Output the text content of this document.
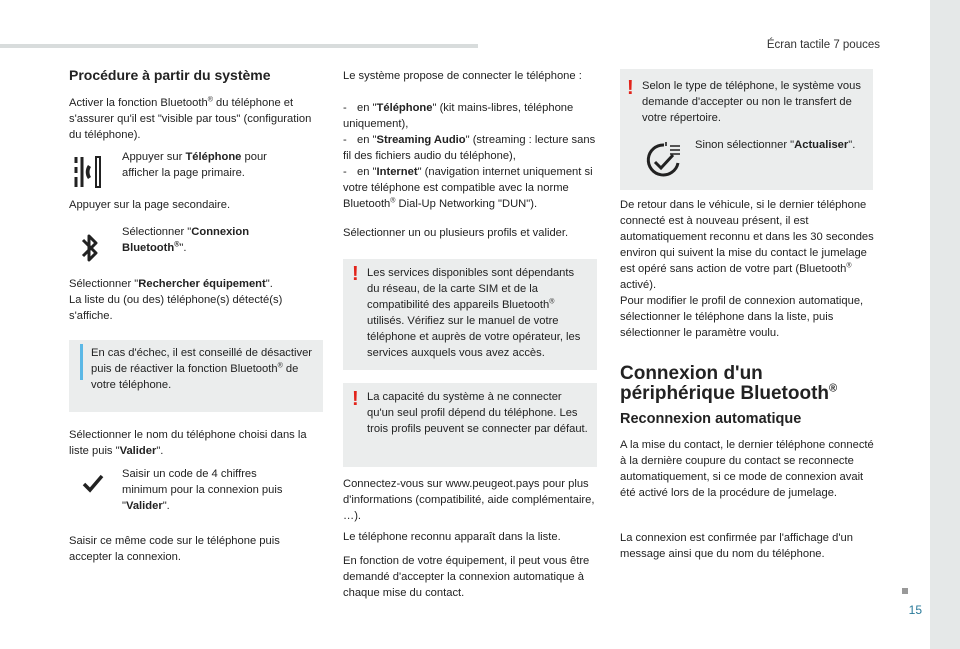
Écran tactile 7 pouces
15
Procédure à partir du système

Activer la fonction Bluetooth® du téléphone et s'assurer qu'il est "visible par tous" (configuration du téléphone).

Appuyer sur Téléphone pour afficher la page primaire.

Appuyer sur la page secondaire.

Sélectionner "Connexion Bluetooth®".

Sélectionner "Rechercher équipement".
La liste du (ou des) téléphone(s) détecté(s) s'affiche.

En cas d'échec, il est conseillé de désactiver puis de réactiver la fonction Bluetooth® de votre téléphone.

Sélectionner le nom du téléphone choisi dans la liste puis "Valider".

Saisir un code de 4 chiffres minimum pour la connexion puis "Valider".

Saisir ce même code sur le téléphone puis accepter la connexion.

Le système propose de connecter le téléphone :

- en "Téléphone" (kit mains-libres, téléphone uniquement),

- en "Streaming Audio" (streaming : lecture sans fil des fichiers audio du téléphone),

- en "Internet" (navigation internet uniquement si votre téléphone est compatible avec la norme Bluetooth® Dial-Up Networking "DUN").

Sélectionner un ou plusieurs profils et valider.

! Les services disponibles sont dépendants du réseau, de la carte SIM et de la compatibilité des appareils Bluetooth® utilisés. Vérifiez sur le manuel de votre téléphone et auprès de votre opérateur, les services auxquels vous avez accès.

! La capacité du système à ne connecter qu'un seul profil dépend du téléphone. Les trois profils peuvent se connecter par défaut.

Connectez-vous sur www.peugeot.pays pour plus d'informations (compatibilité, aide complémentaire, …).

Le téléphone reconnu apparaît dans la liste.

En fonction de votre équipement, il peut vous être demandé d'accepter la connexion automatique à chaque mise du contact.

! Selon le type de téléphone, le système vous demande d'accepter ou non le transfert de votre répertoire.

Sinon sélectionner "Actualiser".

De retour dans le véhicule, si le dernier téléphone connecté est à nouveau présent, il est automatiquement reconnu et dans les 30 secondes environ qui suivent la mise du contact le jumelage est opéré sans action de votre part (Bluetooth® activé).
Pour modifier le profil de connexion automatique, sélectionner le téléphone dans la liste, puis sélectionner le paramètre voulu.

Connexion d'un
périphérique Bluetooth®
Reconnexion automatique

A la mise du contact, le dernier téléphone connecté à la dernière coupure du contact se reconnecte automatiquement, si ce mode de connexion avait été activé lors de la procédure de jumelage.

La connexion est confirmée par l'affichage d'un message ainsi que du nom du téléphone.
